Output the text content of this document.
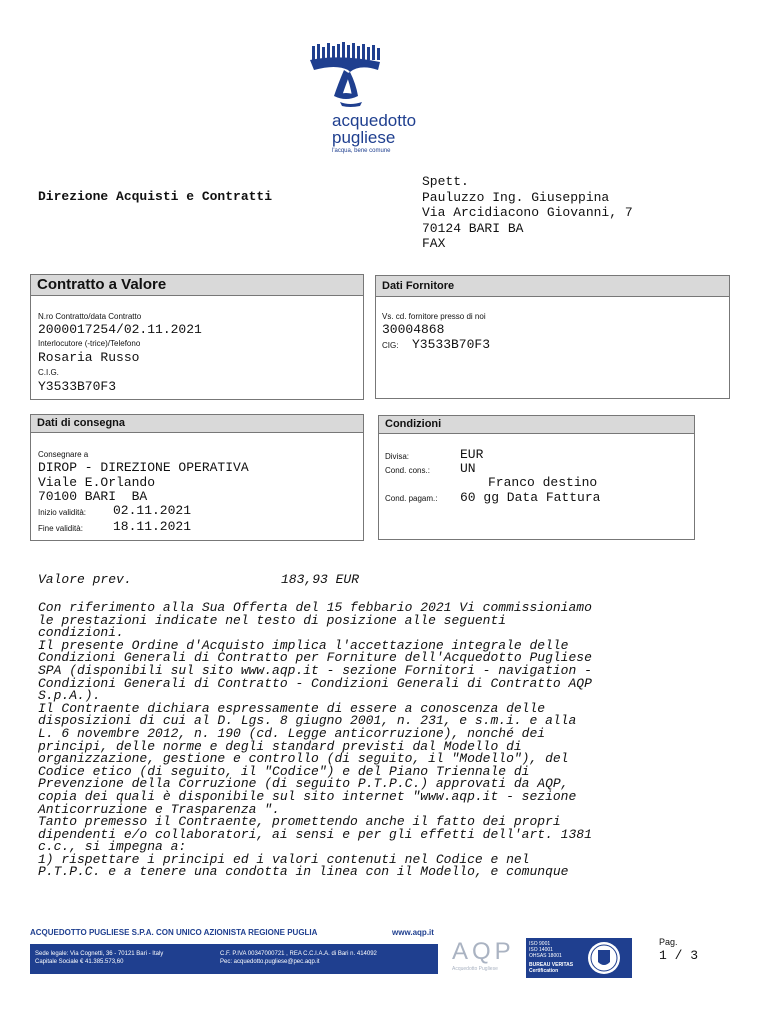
acquedotto
pugliese
l'acqua, bene comune
Direzione Acquisti e Contratti
Spett.
Pauluzzo Ing. Giuseppina
Via Arcidiacono Giovanni, 7
70124 BARI BA
FAX
Contratto a Valore
N.ro Contratto/data Contratto
2000017254/02.11.2021
Interlocutore (-trice)/Telefono
Rosaria Russo
C.I.G.
Y3533B70F3
Dati Fornitore
Vs. cd. fornitore presso di noi
30004868
CIG: Y3533B70F3
Dati di consegna
Consegnare a
DIROP - DIREZIONE OPERATIVA
Viale E.Orlando
70100 BARI  BA
Inizio validità: 02.11.2021
Fine validità: 18.11.2021
Condizioni
Divisa:	EUR
Cond. cons.: UN
Franco destino
Cond. pagam.: 60 gg Data Fattura
Valore prev.	183,93 EUR
Con riferimento alla Sua Offerta del 15 febbario 2021 Vi commissioniamo
le prestazioni indicate nel testo di posizione alle seguenti
condizioni.
Il presente Ordine d'Acquisto implica l'accettazione integrale delle
Condizioni Generali di Contratto per Forniture dell'Acquedotto Pugliese
SPA (disponibili sul sito www.aqp.it - sezione Fornitori - navigation -
Condizioni Generali di Contratto - Condizioni Generali di Contratto AQP
S.p.A.).
Il Contraente dichiara espressamente di essere a conoscenza delle
disposizioni di cui al D. Lgs. 8 giugno 2001, n. 231, e s.m.i. e alla
L. 6 novembre 2012, n. 190 (cd. Legge anticorruzione), nonché dei
principi, delle norme e degli standard previsti dal Modello di
organizzazione, gestione e controllo (di seguito, il "Modello"), del
Codice etico (di seguito, il "Codice") e del Piano Triennale di
Prevenzione della Corruzione (di seguito P.T.P.C.) approvati da AQP,
copia dei quali è disponibile sul sito internet "www.aqp.it - sezione
Anticorruzione e Trasparenza ".
Tanto premesso il Contraente, promettendo anche il fatto dei propri
dipendenti e/o collaboratori, ai sensi e per gli effetti dell'art. 1381
c.c., si impegna a:
1) rispettare i principi ed i valori contenuti nel Codice e nel
P.T.P.C. e a tenere una condotta in linea con il Modello, e comunque
ACQUEDOTTO PUGLIESE S.P.A. CON UNICO AZIONISTA REGIONE PUGLIA	www.aqp.it
Sede legale: Via Cognetti, 36 - 70121 Bari - Italy
Capitale Sociale € 41.385.573,60
C.F. P.IVA 00347000721 , REA C.C.I.A.A. di Bari n. 414092
Pec: acquedotto.pugliese@pec.aqp.it	AQP
Acquedotto Pugliese
ISO 9001
ISO 14001
OHSAS 18001
BUREAU VERITAS Certification
Pag.
1 / 3
